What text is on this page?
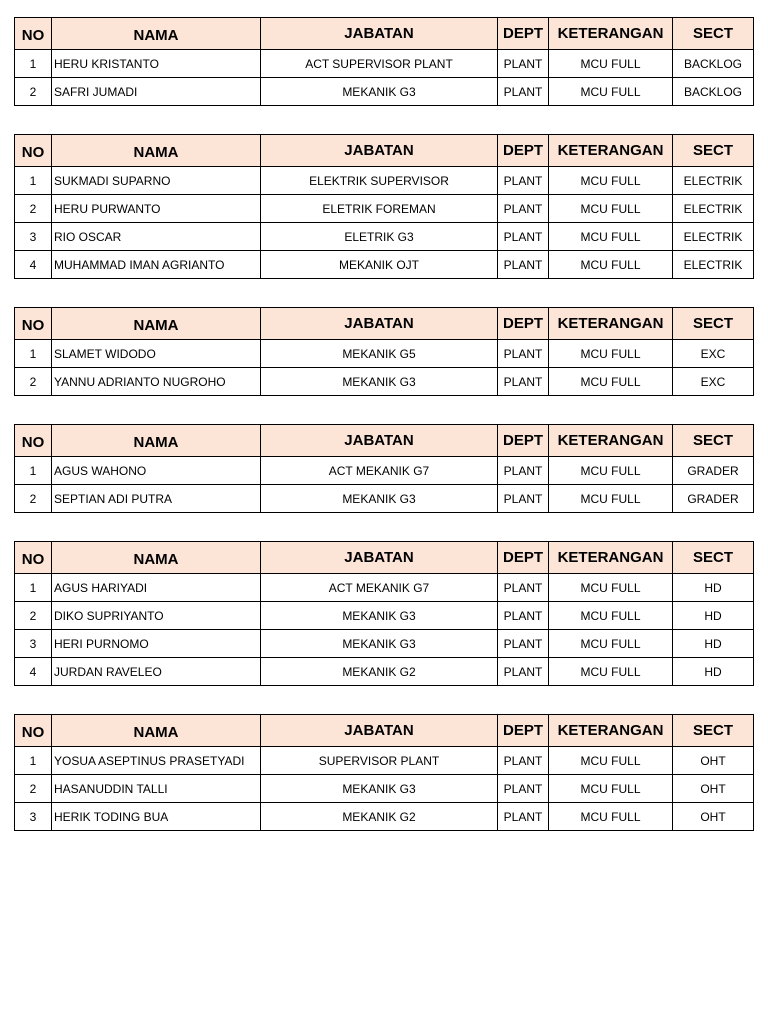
NO	NAMA	JABATAN	DEPT	KETERANGAN	SECT
1	HERU KRISTANTO	ACT SUPERVISOR PLANT	PLANT	MCU FULL	BACKLOG
2	SAFRI JUMADI	MEKANIK G3	PLANT	MCU FULL	BACKLOG
NO	NAMA	JABATAN	DEPT	KETERANGAN	SECT
1	SUKMADI SUPARNO	ELEKTRIK SUPERVISOR	PLANT	MCU FULL	ELECTRIK
2	HERU PURWANTO	ELETRIK FOREMAN	PLANT	MCU FULL	ELECTRIK
3	RIO OSCAR	ELETRIK G3	PLANT	MCU FULL	ELECTRIK
4	MUHAMMAD IMAN AGRIANTO	MEKANIK OJT	PLANT	MCU FULL	ELECTRIK
NO	NAMA	JABATAN	DEPT	KETERANGAN	SECT
1	SLAMET WIDODO	MEKANIK G5	PLANT	MCU FULL	EXC
2	YANNU ADRIANTO NUGROHO	MEKANIK G3	PLANT	MCU FULL	EXC
NO	NAMA	JABATAN	DEPT	KETERANGAN	SECT
1	AGUS WAHONO	ACT MEKANIK G7	PLANT	MCU FULL	GRADER
2	SEPTIAN ADI PUTRA	MEKANIK G3	PLANT	MCU FULL	GRADER
NO	NAMA	JABATAN	DEPT	KETERANGAN	SECT
1	AGUS HARIYADI	ACT MEKANIK G7	PLANT	MCU FULL	HD
2	DIKO SUPRIYANTO	MEKANIK G3	PLANT	MCU FULL	HD
3	HERI PURNOMO	MEKANIK G3	PLANT	MCU FULL	HD
4	JURDAN RAVELEO	MEKANIK G2	PLANT	MCU FULL	HD
NO	NAMA	JABATAN	DEPT	KETERANGAN	SECT
1	YOSUA ASEPTINUS PRASETYADI	SUPERVISOR PLANT	PLANT	MCU FULL	OHT
2	HASANUDDIN TALLI	MEKANIK G3	PLANT	MCU FULL	OHT
3	HERIK TODING BUA	MEKANIK G2	PLANT	MCU FULL	OHT
